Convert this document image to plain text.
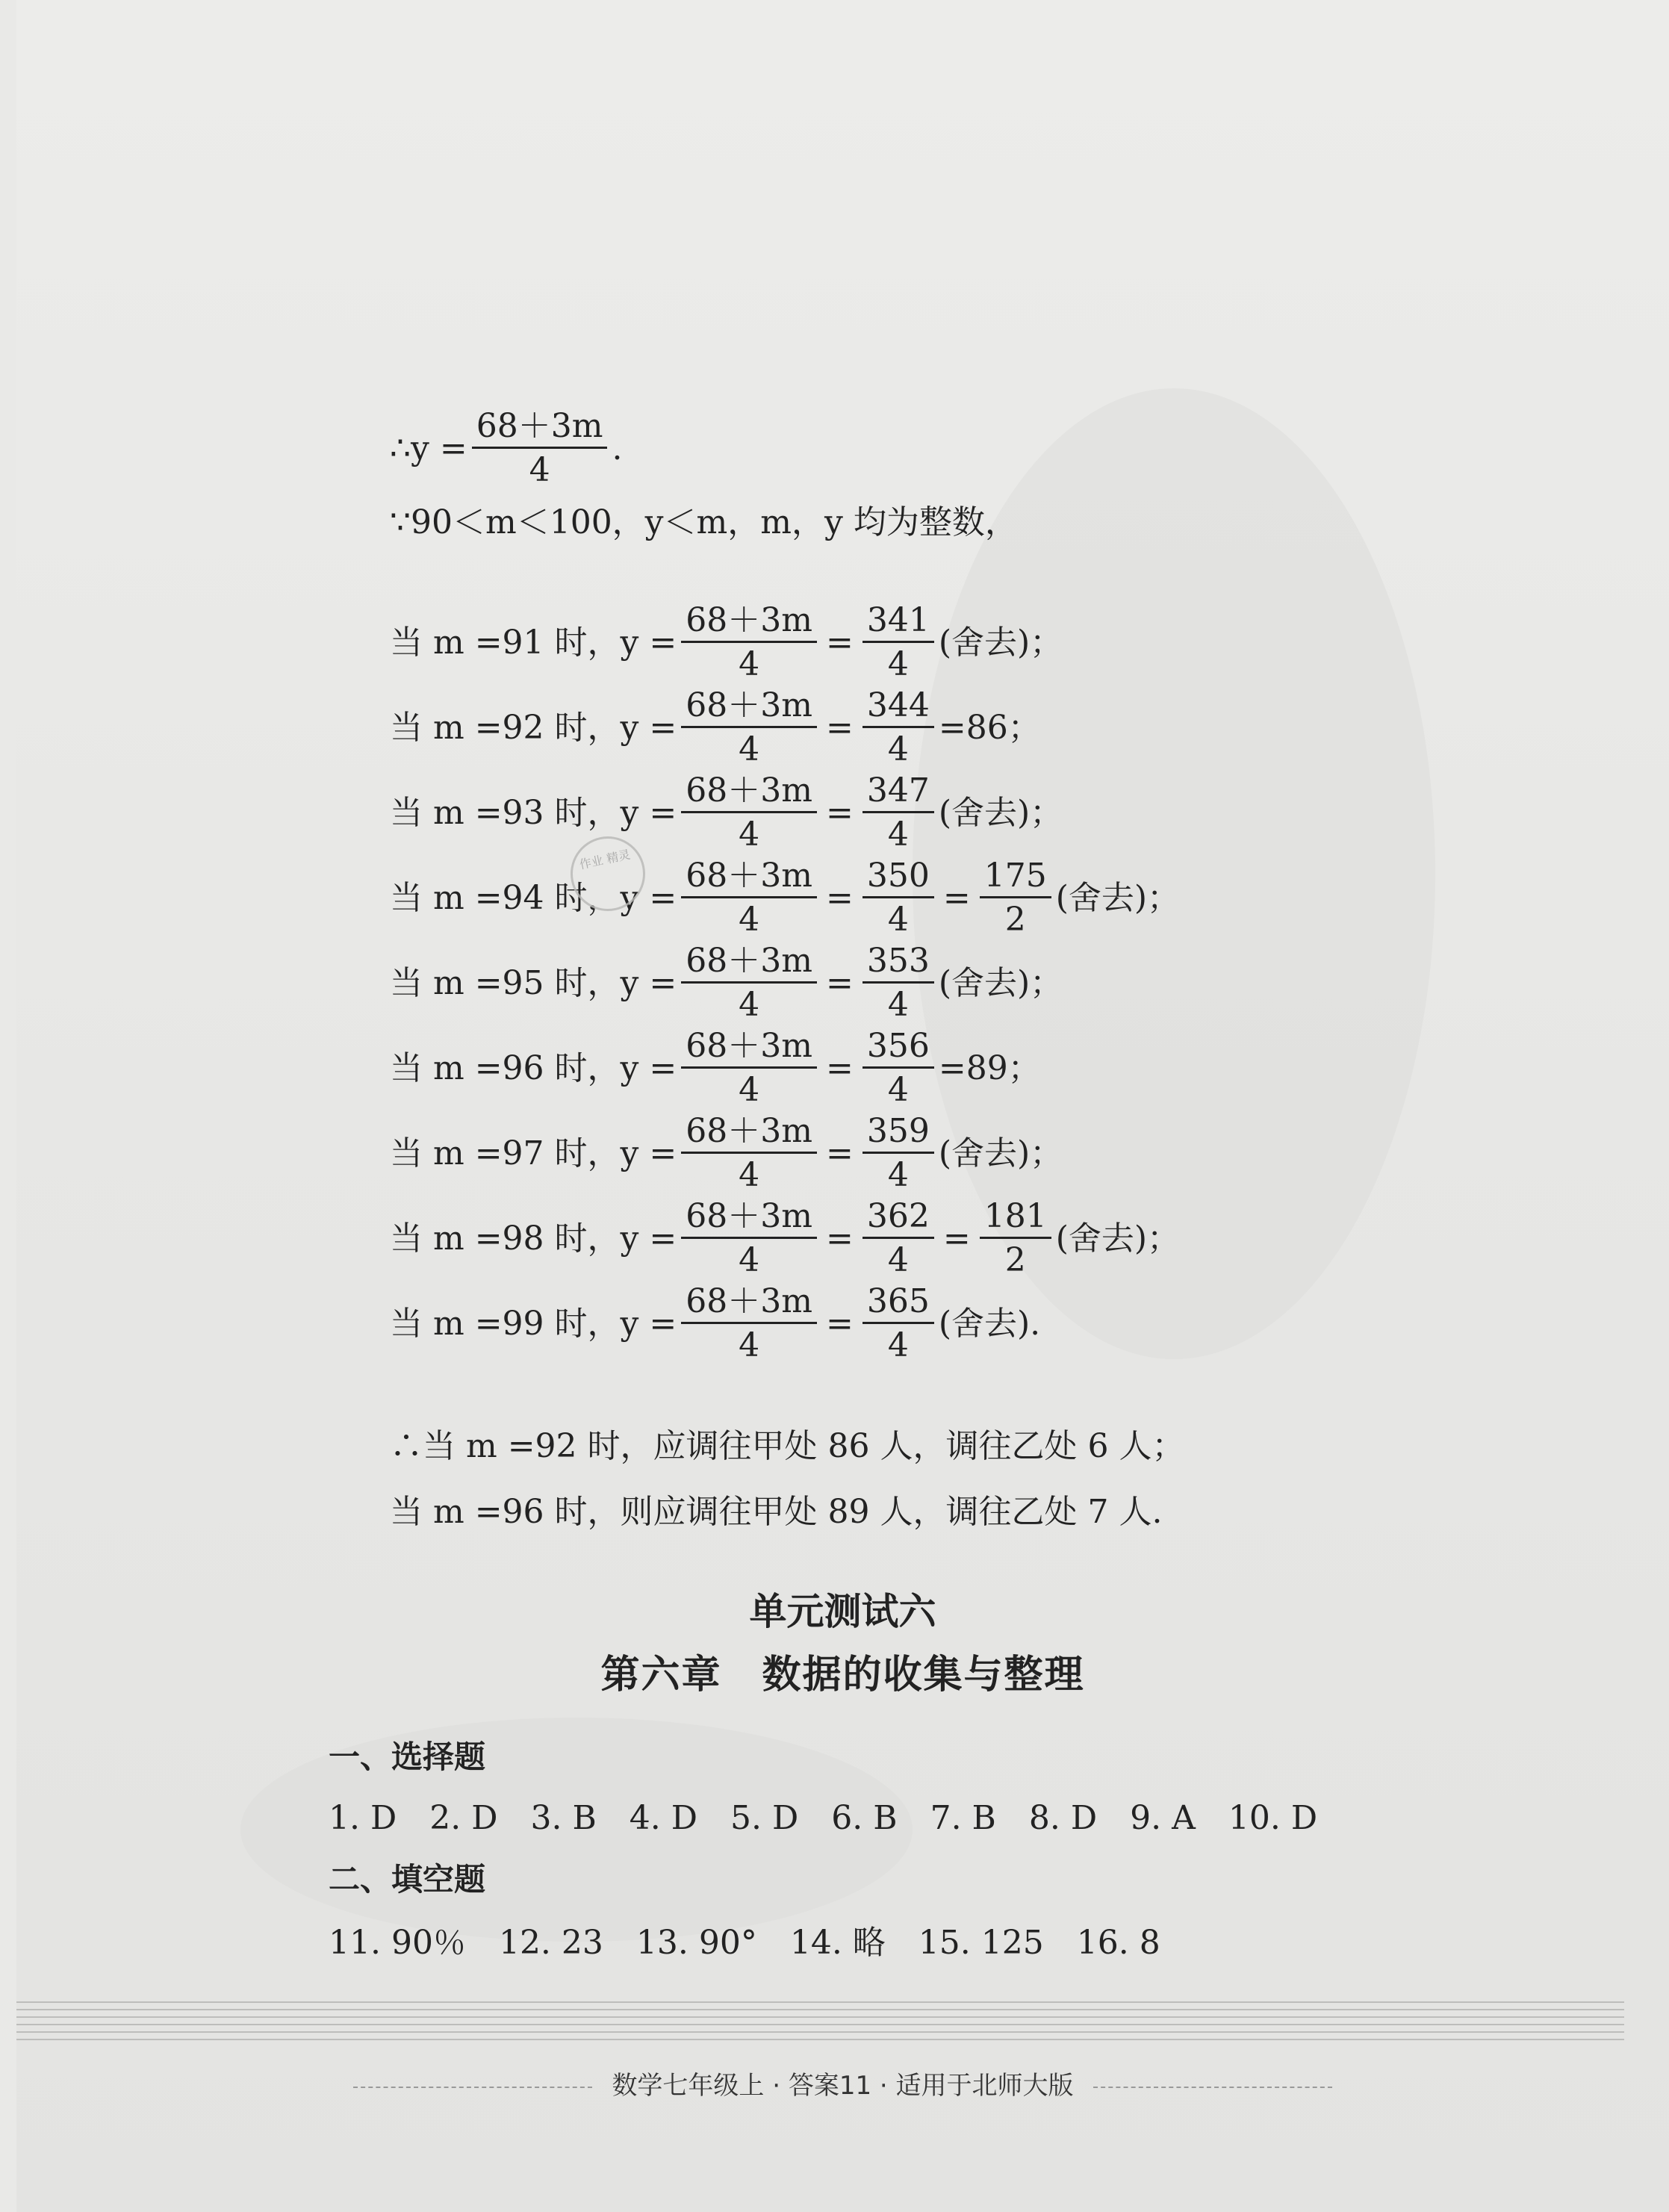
∴y = $\frac{68+3m}{4}$ .
∵90＜m＜100，y＜m，m，y 均为整数，
当 m =91 时，$y = \frac{68+3m}{4} = \frac{341}{4}$ (舍去)；
当 m =92 时，$y = \frac{68+3m}{4} = \frac{344}{4} =86$；
当 m =93 时，$y = \frac{68+3m}{4} = \frac{347}{4}$ (舍去)；
当 m =94 时，$y = \frac{68+3m}{4} = \frac{350}{4} = \frac{175}{2}$ (舍去)；
当 m =95 时，$y = \frac{68+3m}{4} = \frac{353}{4}$ (舍去)；
当 m =96 时，$y = \frac{68+3m}{4} = \frac{356}{4} =89$；
当 m =97 时，$y = \frac{68+3m}{4} = \frac{359}{4}$ (舍去)；
当 m =98 时，$y = \frac{68+3m}{4} = \frac{362}{4} = \frac{181}{2}$ (舍去)；
当 m =99 时，$y = \frac{68+3m}{4} = \frac{365}{4}$ (舍去).
∴当 m =92 时，应调往甲处 86 人，调往乙处 6 人；
当 m =96 时，则应调往甲处 89 人，调往乙处 7 人.
单元测试六
第六章　数据的收集与整理
一、选择题
1. D　2. D　3. B　4. D　5. D　6. B　7. B　8. D　9. A　10. D
二、填空题
11. 90％　12. 23　13. 90°　14. 略　15. 125　16. 8
数学七年级上 · 答案11 · 适用于北师大版
作业 精灵
